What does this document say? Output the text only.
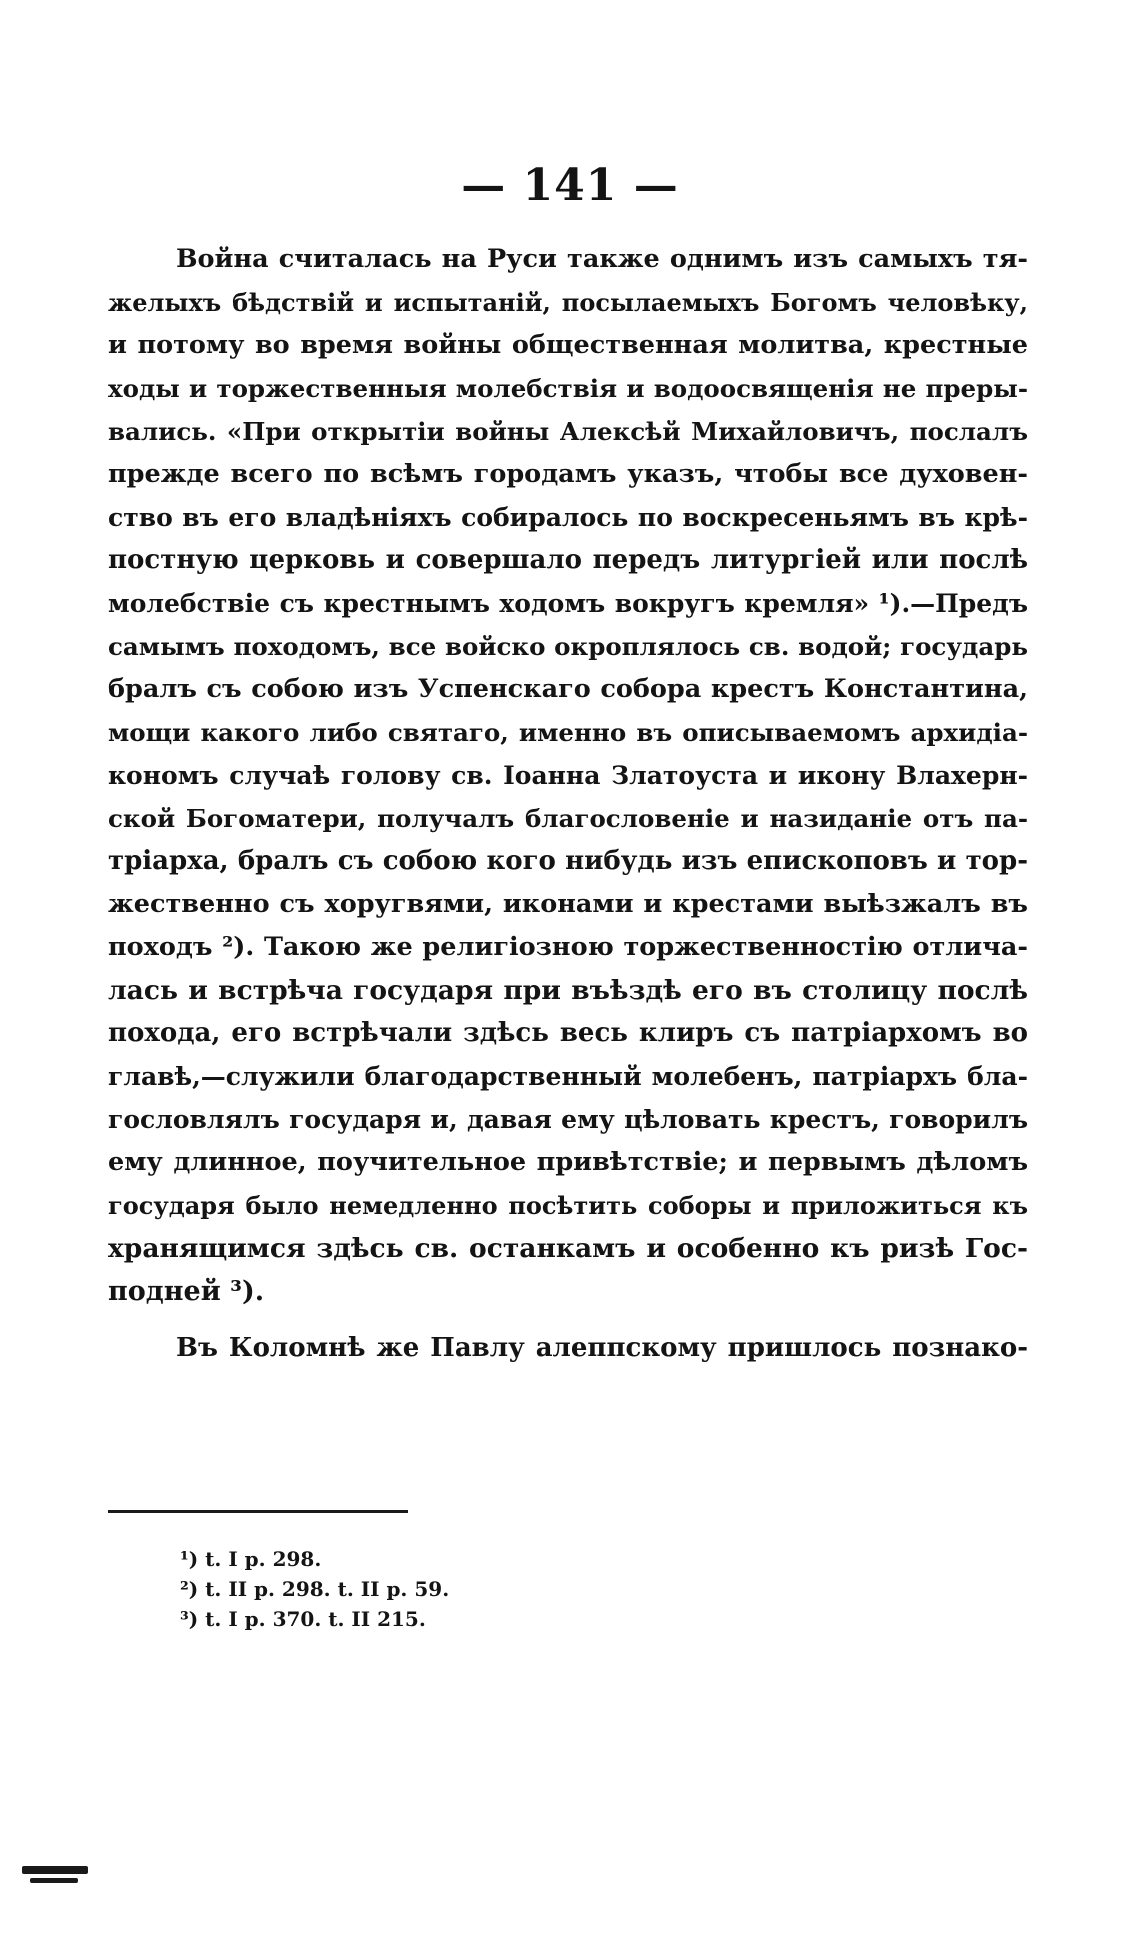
— 141 —
Война считалась на Руси также однимъ изъ самыхъ тя-
желыхъ бѣдствій и испытаній, посылаемыхъ Богомъ человѣку,
и потому во время войны общественная молитва, крестные
ходы и торжественныя молебствія и водоосвященія не преры-
вались. «При открытіи войны Алексѣй Михайловичъ, послалъ
прежде всего по всѣмъ городамъ указъ, чтобы все духовен-
ство въ его владѣніяхъ собиралось по воскресеньямъ въ крѣ-
постную церковь и совершало передъ литургіей или послѣ
молебствіе съ крестнымъ ходомъ вокругъ кремля» ¹).—Предъ
самымъ походомъ, все войско окроплялось св. водой; государь
бралъ съ собою изъ Успенскаго собора крестъ Константина,
мощи какого либо святаго, именно въ описываемомъ архидіа-
кономъ случаѣ голову св. Іоанна Златоуста и икону Влахерн-
ской Богоматери, получалъ благословеніе и назиданіе отъ па-
тріарха, бралъ съ собою кого нибудь изъ епископовъ и тор-
жественно съ хоругвями, иконами и крестами выѣзжалъ въ
походъ ²). Такою же религіозною торжественностію отлича-
лась и встрѣча государя при въѣздѣ его въ столицу послѣ
похода, его встрѣчали здѣсь весь клиръ съ патріархомъ во
главѣ,—служили благодарственный молебенъ, патріархъ бла-
гословлялъ государя и, давая ему цѣловать крестъ, говорилъ
ему длинное, поучительное привѣтствіе; и первымъ дѣломъ
государя было немедленно посѣтить соборы и приложиться къ
хранящимся здѣсь св. останкамъ и особенно къ ризѣ Гос-
подней ³).
Въ Коломнѣ же Павлу алеппскому пришлось познако-
¹) t. I p. 298.
²) t. II p. 298. t. II p. 59.
³) t. I p. 370. t. II 215.
